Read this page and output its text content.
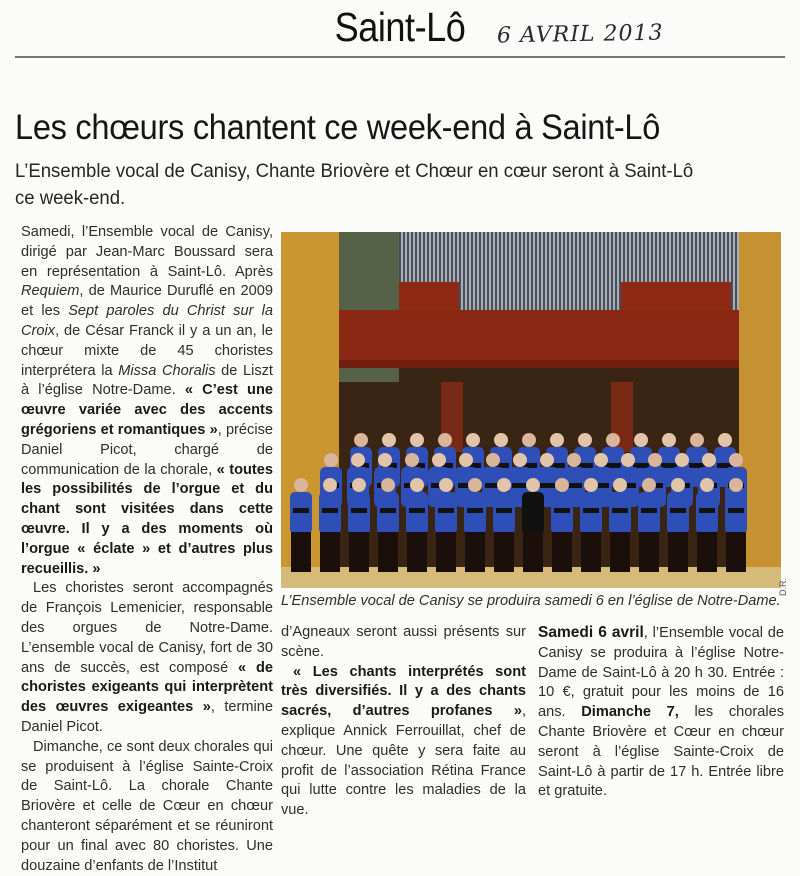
Saint-Lô	6 AVRIL 2013
Les chœurs chantent ce week-end à Saint-Lô
L’Ensemble vocal de Canisy, Chante Briovère et Chœur en cœur seront à Saint-Lô ce week-end.

Samedi, l’Ensemble vocal de Canisy, dirigé par Jean-Marc Boussard sera en représentation à Saint-Lô. Après Requiem, de Maurice Duruflé en 2009 et les Sept paroles du Christ sur la Croix, de César Franck il y a un an, le chœur mixte de 45 choristes interprétera la Missa Choralis de Liszt à l’église Notre-Dame. « C’est une œuvre variée avec des accents grégoriens et romantiques », précise Daniel Picot, chargé de communication de la chorale, « toutes les possibilités de l’orgue et du chant sont visitées dans cette œuvre. Il y a des moments où l’orgue « éclate » et d’autres plus recueillis. »

Les choristes seront accompagnés de François Lemenicier, responsable des orgues de Notre-Dame. L’ensemble vocal de Canisy, fort de 30 ans de succès, est composé « de choristes exigeants qui interprètent des œuvres exigeantes », termine Daniel Picot.

Dimanche, ce sont deux chorales qui se produisent à l’église Sainte-Croix de Saint-Lô. La chorale Chante Briovère et celle de Cœur en chœur chanteront séparément et se réuniront pour un final avec 80 choristes. Une douzaine d’enfants de l’Institut

D.R.
L’Ensemble vocal de Canisy se produira samedi 6 en l’église de Notre-Dame.

d’Agneaux seront aussi présents sur scène.

« Les chants interprétés sont très diversifiés. Il y a des chants sacrés, d’autres profanes », explique Annick Ferrouillat, chef de chœur. Une quête y sera faite au profit de l’association Rétina France qui lutte contre les maladies de la vue.

Samedi 6 avril, l’Ensemble vocal de Canisy se produira à l’église Notre-Dame de Saint-Lô à 20 h 30. Entrée : 10 €, gratuit pour les moins de 16 ans. Dimanche 7, les chorales Chante Briovère et Cœur en chœur seront à l’église Sainte-Croix de Saint-Lô à partir de 17 h. Entrée libre et gratuite.
